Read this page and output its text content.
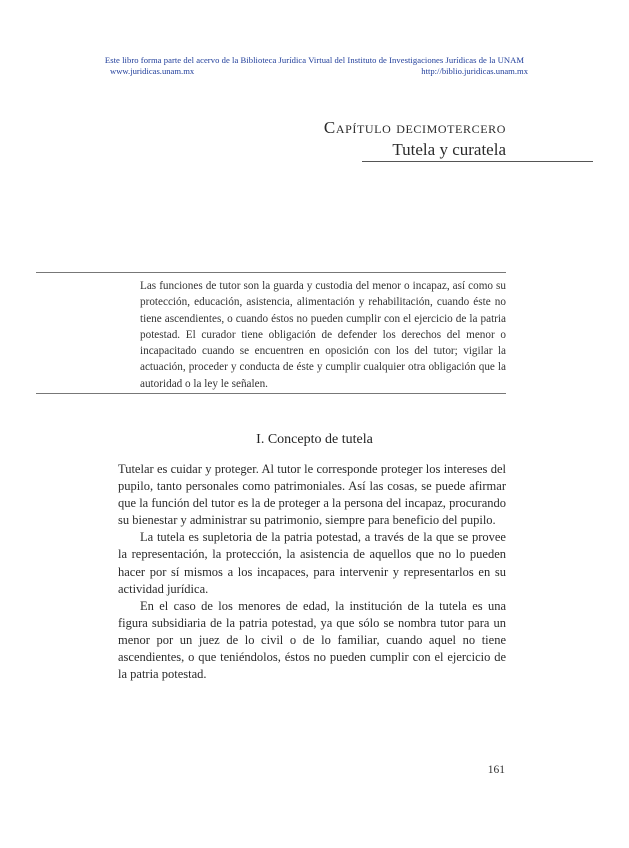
Este libro forma parte del acervo de la Biblioteca Jurídica Virtual del Instituto de Investigaciones Jurídicas de la UNAM
www.juridicas.unam.mx	http://biblio.juridicas.unam.mx
Capítulo decimotercero
Tutela y curatela

Las funciones de tutor son la guarda y custodia del menor o incapaz, así como su protección, educación, asistencia, alimentación y rehabilitación, cuando éste no tiene ascendientes, o cuando éstos no pueden cumplir con el ejercicio de la patria potestad. El curador tiene obligación de defender los derechos del menor o incapacitado cuando se encuentren en oposición con los del tutor; vigilar la actuación, proceder y conducta de éste y cumplir cualquier otra obligación que la autoridad o la ley le señalen.

I. Concepto de tutela

Tutelar es cuidar y proteger. Al tutor le corresponde proteger los intereses del pupilo, tanto personales como patrimoniales. Así las cosas, se puede afirmar que la función del tutor es la de proteger a la persona del incapaz, procurando su bienestar y administrar su patrimonio, siempre para beneficio del pupilo.

La tutela es supletoria de la patria potestad, a través de la que se provee la representación, la protección, la asistencia de aquellos que no lo pueden hacer por sí mismos a los incapaces, para intervenir y representarlos en su actividad jurídica.

En el caso de los menores de edad, la institución de la tutela es una figura subsidiaria de la patria potestad, ya que sólo se nombra tutor para un menor por un juez de lo civil o de lo familiar, cuando aquel no tiene ascendientes, o que teniéndolos, éstos no pueden cumplir con el ejercicio de la patria potestad.

161
